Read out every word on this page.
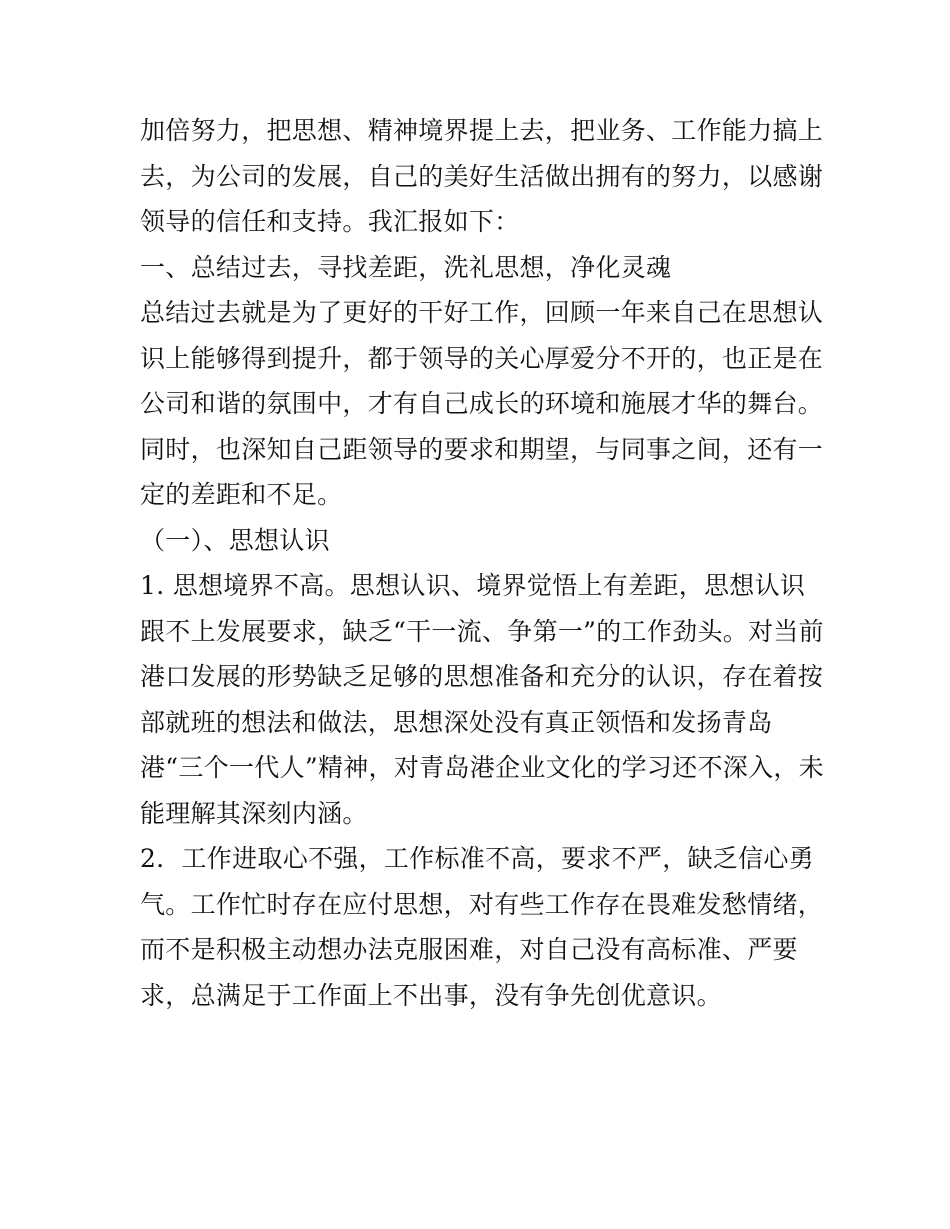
加倍努力，把思想、精神境界提上去，把业务、工作能力搞上
去，为公司的发展，自己的美好生活做出拥有的努力，以感谢
领导的信任和支持。我汇报如下：
一、总结过去，寻找差距，洗礼思想，净化灵魂
总结过去就是为了更好的干好工作，回顾一年来自己在思想认
识上能够得到提升，都于领导的关心厚爱分不开的，也正是在
公司和谐的氛围中，才有自己成长的环境和施展才华的舞台。
同时，也深知自己距领导的要求和期望，与同事之间，还有一
定的差距和不足。
（一）、思想认识
1. 思想境界不高。思想认识、境界觉悟上有差距，思想认识
跟不上发展要求，缺乏“干一流、争第一”的工作劲头。对当前
港口发展的形势缺乏足够的思想准备和充分的认识，存在着按
部就班的想法和做法，思想深处没有真正领悟和发扬青岛
港“三个一代人”精神，对青岛港企业文化的学习还不深入，未
能理解其深刻内涵。
2．工作进取心不强，工作标准不高，要求不严，缺乏信心勇
气。工作忙时存在应付思想，对有些工作存在畏难发愁情绪，
而不是积极主动想办法克服困难，对自己没有高标准、严要
求，总满足于工作面上不出事，没有争先创优意识。
